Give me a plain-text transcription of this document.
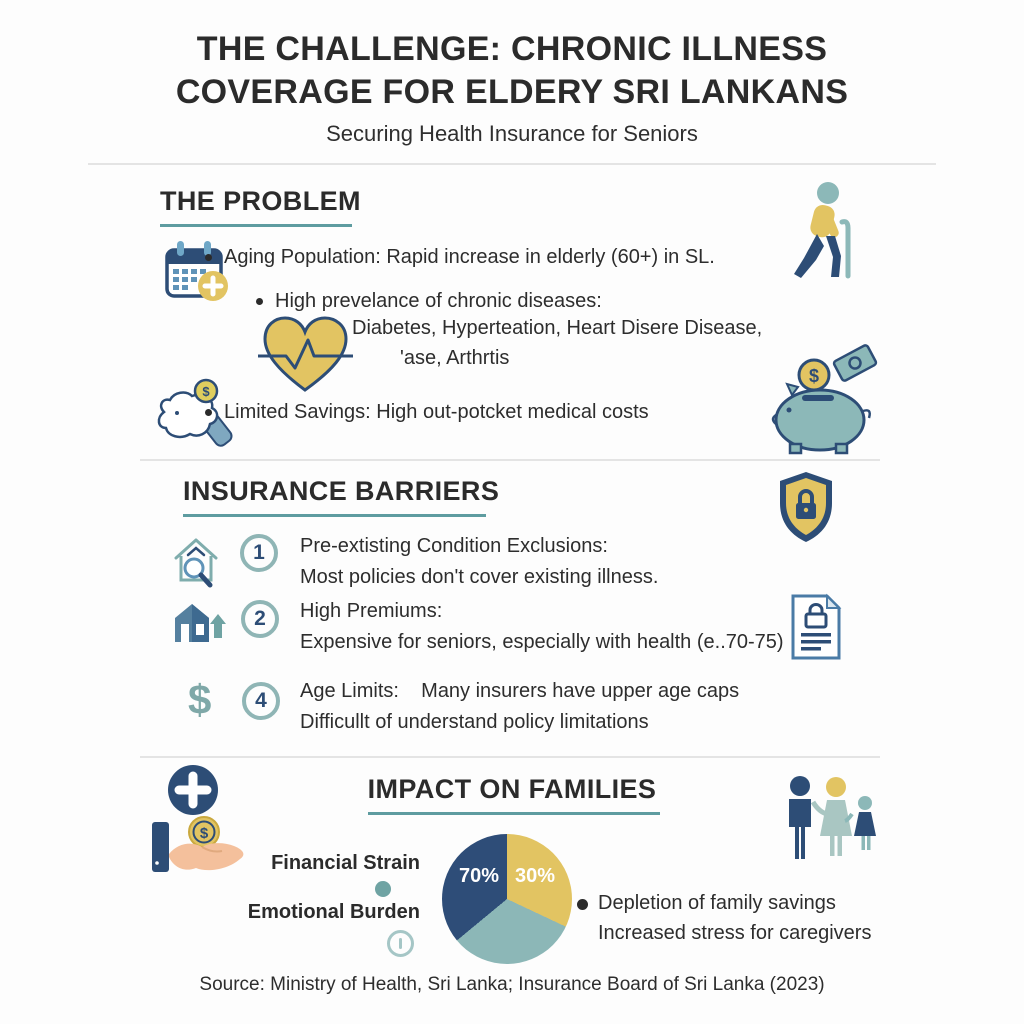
THE CHALLENGE: CHRONIC ILLNESS
COVERAGE FOR ELDERY SRI LANKANS
Securing Health Insurance for Seniors
THE PROBLEM
Aging Population: Rapid increase in elderly (60+) in SL.
High prevelance of chronic diseases:
Diabetes, Hyperteation, Heart Disere Disease,
'ase, Arthrtis
$
Limited Savings: High out-potcket medical costs
$
INSURANCE BARRIERS
1	Pre-extisting Condition Exclusions:
Most policies don't cover existing illness.
2	High Premiums:
Expensive for seniors, especially with health (e..70-75)
$	4	Age Limits:    Many insurers have upper age caps
Difficullt of understand policy limitations
IMPACT ON FAMILIES
$
Financial Strain
Emotional Burden
70% 30%
Depletion of family savings
Increased stress for caregivers
Source: Ministry of Health, Sri Lanka; Insurance Board of Sri Lanka (2023)
